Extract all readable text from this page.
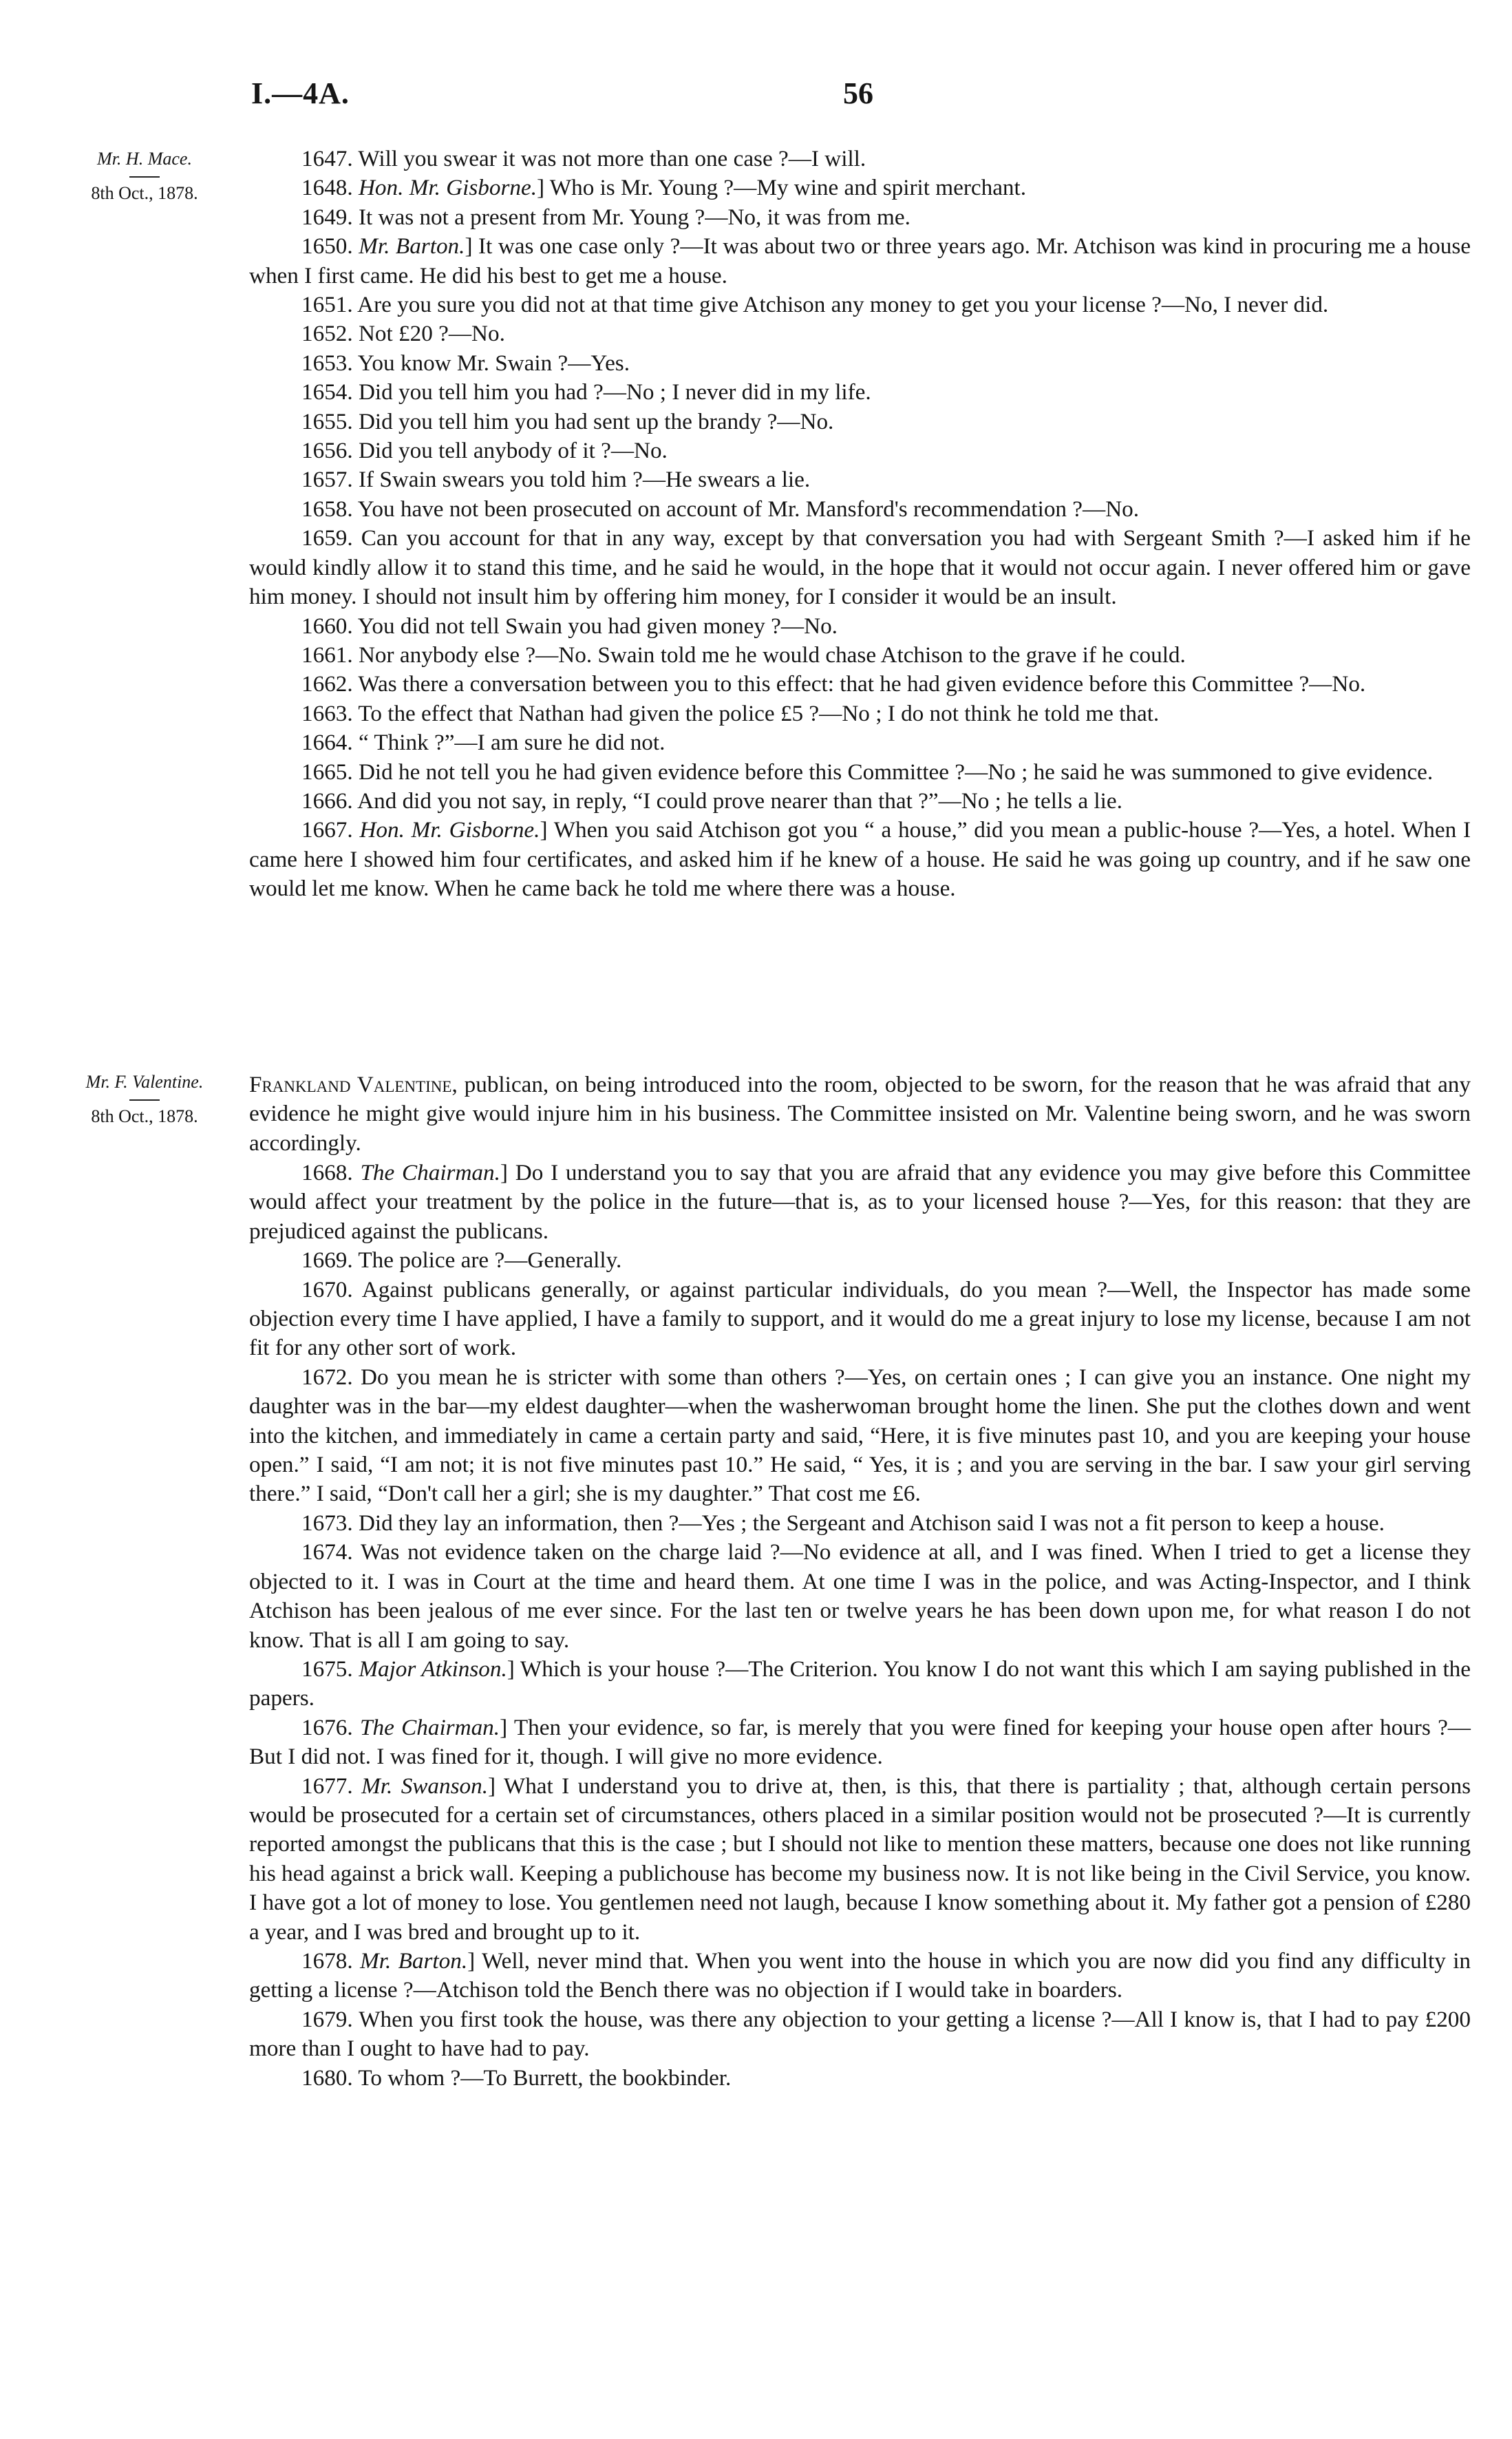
I.—4A.	56
Mr. H. Mace.
8th Oct., 1878.
Mr. F. Valentine.
8th Oct., 1878.

1647. Will you swear it was not more than one case ?—I will.

1648. Hon. Mr. Gisborne.] Who is Mr. Young ?—My wine and spirit merchant.

1649. It was not a present from Mr. Young ?—No, it was from me.

1650. Mr. Barton.] It was one case only ?—It was about two or three years ago. Mr. Atchison was kind in procuring me a house when I first came. He did his best to get me a house.

1651. Are you sure you did not at that time give Atchison any money to get you your license ?—No, I never did.

1652. Not £20 ?—No.

1653. You know Mr. Swain ?—Yes.

1654. Did you tell him you had ?—No ; I never did in my life.

1655. Did you tell him you had sent up the brandy ?—No.

1656. Did you tell anybody of it ?—No.

1657. If Swain swears you told him ?—He swears a lie.

1658. You have not been prosecuted on account of Mr. Mansford's recommendation ?—No.

1659. Can you account for that in any way, except by that conversation you had with Sergeant Smith ?—I asked him if he would kindly allow it to stand this time, and he said he would, in the hope that it would not occur again. I never offered him or gave him money. I should not insult him by offering him money, for I consider it would be an insult.

1660. You did not tell Swain you had given money ?—No.

1661. Nor anybody else ?—No. Swain told me he would chase Atchison to the grave if he could.

1662. Was there a conversation between you to this effect: that he had given evidence before this Committee ?—No.

1663. To the effect that Nathan had given the police £5 ?—No ; I do not think he told me that.

1664. “ Think ?”—I am sure he did not.

1665. Did he not tell you he had given evidence before this Committee ?—No ; he said he was summoned to give evidence.

1666. And did you not say, in reply, “I could prove nearer than that ?”—No ; he tells a lie.

1667. Hon. Mr. Gisborne.] When you said Atchison got you “ a house,” did you mean a public-house ?—Yes, a hotel. When I came here I showed him four certificates, and asked him if he knew of a house. He said he was going up country, and if he saw one would let me know. When he came back he told me where there was a house.

Frankland Valentine, publican, on being introduced into the room, objected to be sworn, for the reason that he was afraid that any evidence he might give would injure him in his business. The Committee insisted on Mr. Valentine being sworn, and he was sworn accordingly.

1668. The Chairman.] Do I understand you to say that you are afraid that any evidence you may give before this Committee would affect your treatment by the police in the future—that is, as to your licensed house ?—Yes, for this reason: that they are prejudiced against the publicans.

1669. The police are ?—Generally.

1670. Against publicans generally, or against particular individuals, do you mean ?—Well, the Inspector has made some objection every time I have applied, I have a family to support, and it would do me a great injury to lose my license, because I am not fit for any other sort of work.

1672. Do you mean he is stricter with some than others ?—Yes, on certain ones ; I can give you an instance. One night my daughter was in the bar—my eldest daughter—when the washerwoman brought home the linen. She put the clothes down and went into the kitchen, and immediately in came a certain party and said, “Here, it is five minutes past 10, and you are keeping your house open.” I said, “I am not; it is not five minutes past 10.” He said, “ Yes, it is ; and you are serving in the bar. I saw your girl serving there.” I said, “Don't call her a girl; she is my daughter.” That cost me £6.

1673. Did they lay an information, then ?—Yes ; the Sergeant and Atchison said I was not a fit person to keep a house.

1674. Was not evidence taken on the charge laid ?—No evidence at all, and I was fined. When I tried to get a license they objected to it. I was in Court at the time and heard them. At one time I was in the police, and was Acting-Inspector, and I think Atchison has been jealous of me ever since. For the last ten or twelve years he has been down upon me, for what reason I do not know. That is all I am going to say.

1675. Major Atkinson.] Which is your house ?—The Criterion. You know I do not want this which I am saying published in the papers.

1676. The Chairman.] Then your evidence, so far, is merely that you were fined for keeping your house open after hours ?—But I did not. I was fined for it, though. I will give no more evidence.

1677. Mr. Swanson.] What I understand you to drive at, then, is this, that there is partiality ; that, although certain persons would be prosecuted for a certain set of circumstances, others placed in a similar position would not be prosecuted ?—It is currently reported amongst the publicans that this is the case ; but I should not like to mention these matters, because one does not like running his head against a brick wall. Keeping a publichouse has become my business now. It is not like being in the Civil Service, you know. I have got a lot of money to lose. You gentlemen need not laugh, because I know something about it. My father got a pension of £280 a year, and I was bred and brought up to it.

1678. Mr. Barton.] Well, never mind that. When you went into the house in which you are now did you find any difficulty in getting a license ?—Atchison told the Bench there was no objection if I would take in boarders.

1679. When you first took the house, was there any objection to your getting a license ?—All I know is, that I had to pay £200 more than I ought to have had to pay.

1680. To whom ?—To Burrett, the bookbinder.
